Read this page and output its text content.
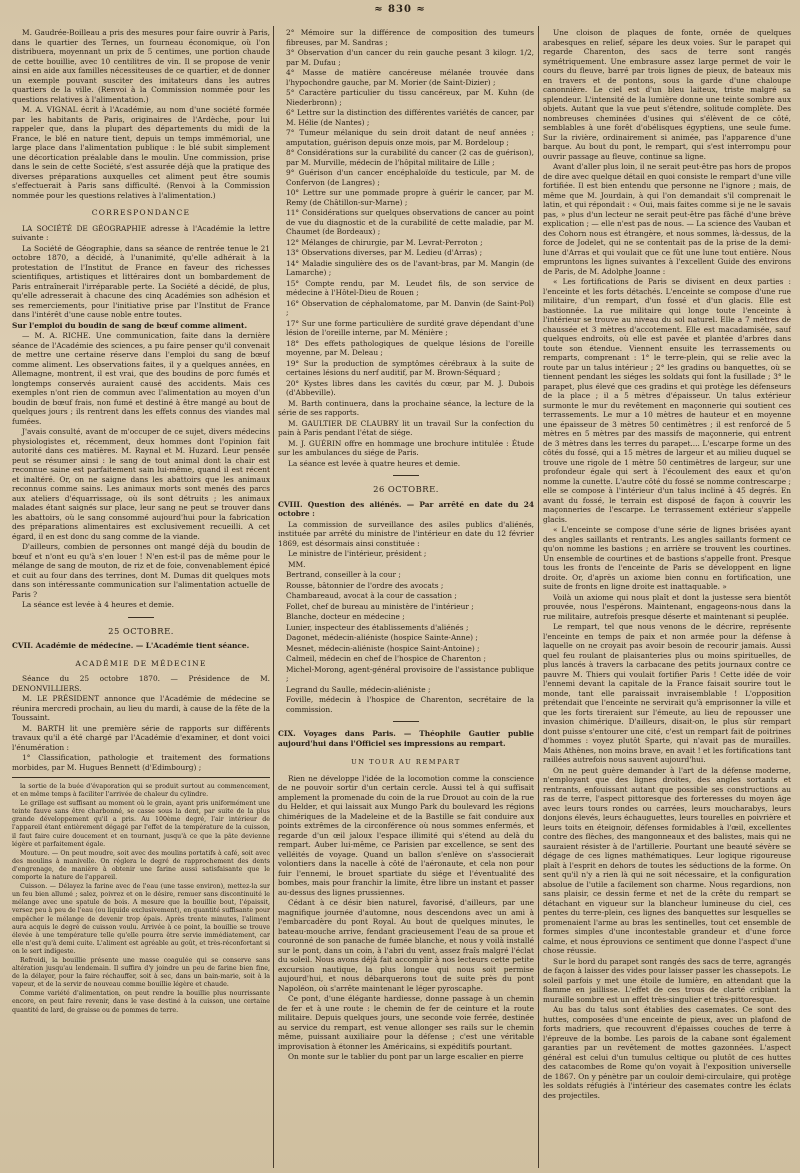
≈ 830 ≈

M. Gaudrée-Boilleau a pris des mesures pour faire ouvrir à Paris, dans le quartier des Ternes, un fourneau économique, où l'on distribuera, moyennant un prix de 5 centimes, une portion chaude de cette bouillie, avec 10 centilitres de vin. Il se propose de venir ainsi en aide aux familles nécessiteuses de ce quartier, et de donner un exemple pouvant susciter des imitateurs dans les autres quartiers de la ville. (Renvoi à la Commission nommée pour les questions relatives à l'alimentation.)

M. A. VIGNAL écrit à l'Académie, au nom d'une société formée par les habitants de Paris, originaires de l'Ardèche, pour lui rappeler que, dans la plupart des départements du midi de la France, le blé en nature tient, depuis un temps immémorial, une large place dans l'alimentation publique : le blé subit simplement une décortication préalable dans le moulin. Une commission, prise dans le sein de cette Société, s'est assurée déjà que la pratique des diverses préparations auxquelles cet aliment peut être soumis s'effectuerait à Paris sans difficulté. (Renvoi à la Commission nommée pour les questions relatives à l'alimentation.)

CORRESPONDANCE

LA SOCIÉTÉ DE GÉOGRAPHIE adresse à l'Académie la lettre suivante :

La Société de Géographie, dans sa séance de rentrée tenue le 21 octobre 1870, a décidé, à l'unanimité, qu'elle adhérait à la protestation de l'Institut de France en faveur des richesses scientifiques, artistiques et littéraires dont un bombardement de Paris entraînerait l'irréparable perte. La Société a décidé, de plus, qu'elle adresserait à chacune des cinq Académies son adhésion et ses remerciements, pour l'initiative prise par l'Institut de France dans l'intérêt d'une cause noble entre toutes.

Sur l'emploi du boudin de sang de bœuf comme aliment.

— M. A. RICHE. Une communication, faite dans la dernière séance de l'Académie des sciences, a pu faire penser qu'il convenait de mettre une certaine réserve dans l'emploi du sang de bœuf comme aliment. Les observations faites, il y a quelques années, en Allemagne, montrent, il est vrai, que des boudins de porc fumés et longtemps conservés auraient causé des accidents. Mais ces exemples n'ont rien de commun avec l'alimentation au moyen d'un boudin de bœuf frais, non fumé et destiné à être mangé au bout de quelques jours ; ils rentrent dans les effets connus des viandes mal fumées.

J'avais consulté, avant de m'occuper de ce sujet, divers médecins physiologistes et, récemment, deux hommes dont l'opinion fait autorité dans ces matières. M. Raynal et M. Huzard. Leur pensée peut se résumer ainsi : le sang de tout animal dont la chair est reconnue saine est parfaitement sain lui-même, quand il est récent et inaltéré. Or, on ne saigne dans les abattoirs que les animaux reconnus comme sains. Les animaux morts sont menés des parcs aux ateliers d'équarrissage, où ils sont détruits ; les animaux malades étant saignés sur place, leur sang ne peut se trouver dans les abattoirs, où le sang consommé aujourd'hui pour la fabrication des préparations alimentaires est exclusivement recueilli. A cet égard, il en est donc du sang comme de la viande.

D'ailleurs, combien de personnes ont mangé déjà du boudin de bœuf et n'ont eu qu'à s'en louer ! N'en est-il pas de même pour le mélange de sang de mouton, de riz et de foie, convenablement épicé et cuit au four dans des terrines, dont M. Dumas dit quelques mots dans son intéressante communication sur l'alimentation actuelle de Paris ?

La séance est levée à 4 heures et demie.

25 OCTOBRE.

CVII. Académie de médecine. — L'Académie tient séance.

ACADÉMIE DE MÉDECINE

Séance du 25 octobre 1870. — Présidence de M. DENONVILLIERS.

M. LE PRÉSIDENT annonce que l'Académie de médecine se réunira mercredi prochain, au lieu du mardi, à cause de la fête de la Toussaint.

M. BARTH lit une première série de rapports sur différents travaux qu'il a été chargé par l'Académie d'examiner, et dont voici l'énumération :

1° Classification, pathologie et traitement des formations morbides, par M. Hugues Bennett (d'Edimbourg) ;

la sortie de la buée d'évaporation qui se produit surtout au commencement, et en même temps à faciliter l'arrivée de chaleur du cylindre.

Le grillage est suffisant au moment où le grain, ayant pris uniformément une teinte fauve sans être charbonné, se casse sous la dent, par suite de la plus grande développement qu'il a pris. Au 100ème degré, l'air intérieur de l'appareil étant entièrement dégagé par l'effet de la température de la cuisson, il faut faire cuire doucement et en tournant, jusqu'à ce que la pâte devienne légère et parfaitement égale.

Mouture. — On peut moudre, soit avec des moulins portatifs à café, soit avec des moulins à manivelle. On réglera le degré de rapprochement des dents d'engrenage, de manière à obtenir une farine aussi satisfaisante que le comporte la nature de l'appareil.

Cuisson. — Délayez la farine avec de l'eau (une tasse environ), mettez-la sur un feu bien allumé ; salez, poivrez et on le désire, remuer sans discontinuité le mélange avec une spatule de bois. A mesure que la bouillie bout, l'épaissit, versez peu à peu de l'eau (ou liquide exclusivement), en quantité suffisante pour empêcher le mélange de devenir trop épais. Après trente minutes, l'aliment aura acquis le degré de cuisson voulu. Arrivée à ce point, la bouillie se trouve élevée à une température telle qu'elle pourra être servie immédiatement, car elle n'est qu'à demi cuite. L'aliment est agréable au goût, et très-réconfortant si on le sert indigeste.

Refroidi, la bouillie présente une masse coagulée qui se conserve sans altération jusqu'au lendemain. Il suffira d'y joindre un peu de farine bien fine, de la délayer, pour la faire réchauffer, soit à sec, dans un bain-marie, soit à la vapeur, et de la servir de nouveau comme bouillie légère et chaude.

Comme variété d'alimentation, on peut rendre la bouillie plus nourrissante encore, en peut faire revenir, dans le vase destiné à la cuisson, une certaine quantité de lard, de graisse ou de pommes de terre.

2° Mémoire sur la différence de composition des tumeurs fibreuses, par M. Sandras ;

3° Observation d'un cancer du rein gauche pesant 3 kilogr. 1/2, par M. Dufau ;

4° Masse de matière cancéreuse mélanée trouvée dans l'hypochondre gauche, par M. Morier (de Saint-Dizier) ;

5° Caractère particulier du tissu cancéreux, par M. Kuhn (de Niederbronn) ;

6° Lettre sur la distinction des différentes variétés de cancer, par M. Hélie (de Nantes) ;

7° Tumeur mélanique du sein droit datant de neuf années ; amputation, guérison depuis onze mois, par M. Bordeloup ;

8° Considérations sur la curabilité du cancer (2 cas de guérison), par M. Murville, médecin de l'hôpital militaire de Lille ;

9° Guérison d'un cancer encéphaloïde du testicule, par M. de Confervon (de Langres) ;

10° Lettre sur une pommade propre à guérir le cancer, par M. Remy (de Châtillon-sur-Marne) ;

11° Considérations sur quelques observations de cancer au point de vue du diagnostic et de la curabilité de cette maladie, par M. Chaumet (de Bordeaux) ;

12° Mélanges de chirurgie, par M. Levrat-Perroton ;

13° Observations diverses, par M. Ledieu (d'Arras) ;

14° Maladie singulière des os de l'avant-bras, par M. Mangin (de Lamarche) ;

15° Compte rendu, par M. Leudet fils, de son service de médecine à l'Hôtel-Dieu de Rouen ;

16° Observation de céphalomatome, par M. Danvin (de Saint-Pol) ;

17° Sur une forme particulière de surdité grave dépendant d'une lésion de l'oreille interne, par M. Ménière ;

18° Des effets pathologiques de quelque lésions de l'oreille moyenne, par M. Deleau ;

19° Sur la production de symptômes cérébraux à la suite de certaines lésions du nerf auditif, par M. Brown-Séquard ;

20° Kystes libres dans les cavités du cœur, par M. J. Dubois (d'Abbeville).

M. Barth continuera, dans la prochaine séance, la lecture de la série de ses rapports.

M. GAULTIER DE CLAUBRY lit un travail Sur la confection du pain à Paris pendant l'état de siége.

M. J. GUÉRIN offre en hommage une brochure intitulée : Étude sur les ambulances du siége de Paris.

La séance est levée à quatre heures et demie.

26 OCTOBRE.

CVIII. Question des aliénés. — Par arrêté en date du 24 octobre :

La commission de surveillance des asiles publics d'aliénés, instituée par arrêté du ministre de l'intérieur en date du 12 février 1869, est désormais ainsi constituée :

Le ministre de l'intérieur, président ;

MM.

Bertrand, conseiller à la cour ;

Rousse, bâtonnier de l'ordre des avocats ;

Chambareaud, avocat à la cour de cassation ;

Follet, chef de bureau au ministère de l'intérieur ;

Blanche, docteur en médecine ;

Lunier, inspecteur des établissements d'aliénés ;

Dagonet, médecin-aliéniste (hospice Sainte-Anne) ;

Mesnet, médecin-aliéniste (hospice Saint-Antoine) ;

Calmeil, médecin en chef de l'hospice de Charenton ;

Michel-Morong, agent-général provisoire de l'assistance publique ;

Legrand du Saulle, médecin-aliéniste ;

Foville, médecin à l'hospice de Charenton, secrétaire de la commission.

CIX. Voyages dans Paris. — Théophile Gautier publie aujourd'hui dans l'Officiel ses impressions au rempart.

UN TOUR AU REMPART

Rien ne développe l'idée de la locomotion comme la conscience de ne pouvoir sortir d'un certain cercle. Aussi tel à qui suffisait amplement la promenade du coin de la rue Drouot au coin de la rue du Helder, et qui laissait aux Mungo Park du boulevard les régions chimériques de la Madeleine et de la Bastille se fait conduire aux points extrêmes de la circonférence où nous sommes enfermés, et regarde d'un œil jaloux l'espace illimité qui s'étend au delà du rempart. Auber lui-même, ce Parisien par excellence, se sent des velléités de voyage. Quand un ballon s'enlève on s'associerait volontiers dans la nacelle à côté de l'aéronaute, et cela non pour fuir l'ennemi, le brouet spartiate du siége et l'éventualité des bombes, mais pour franchir la limite, être libre un instant et passer au-dessus des lignes prussiennes.

Cédant à ce désir bien naturel, favorisé, d'ailleurs, par une magnifique journée d'automne, nous descendons avec un ami à l'embarcadère du pont Royal. Au bout de quelques minutes, le bateau-mouche arrive, fendant gracieusement l'eau de sa proue et couronné de son panache de fumée blanche, et nous y voilà installé sur le pont, dans un coin, à l'abri du vent, assez fraîs malgré l'éclat du soleil. Nous avons déjà fait accomplir à nos lecteurs cette petite excursion nautique, la plus longue qui nous soit permise aujourd'hui, et nous débarquerons tout de suite près du pont Napoléon, où s'arrête maintenant le léger pyroscaphe.

Ce pont, d'une élégante hardiesse, donne passage à un chemin de fer et à une route : le chemin de fer de ceinture et la route militaire. Depuis quelques jours, une seconde voie ferrée, destinée au service du rempart, est venue allonger ses rails sur le chemin même, puissant auxiliaire pour la défense ; c'est une véritable improvisation à étonner les Américains, si expéditifs pourtant.

On monte sur le tablier du pont par un large escalier en pierre

Une cloison de plaques de fonte, ornée de quelques arabesques en relief, sépare les deux voies. Sur le parapet qui regarde Charenton, des sacs de terre sont rangés symétriquement. Une embrasure assez large permet de voir le cours du fleuve, barré par trois lignes de pieux, de bateaux mis en travers et de pontons, sous la garde d'une chaloupe canonnière. Le ciel est d'un bleu laiteux, triste malgré sa splendeur. L'intensité de la lumière donne une teinte sombre aux objets. Autant que la vue peut s'étendre, solitude complète. Des nombreuses cheminées d'usines qui s'élèvent de ce côté, semblables à une forêt d'obélisques égyptiens, une seule fume. Sur la rivière, ordinairement si animée, pas l'apparence d'une barque. Au bout du pont, le rempart, qui s'est interrompu pour ouvrir passage au fleuve, continue sa ligne.

Avant d'aller plus loin, il ne serait peut-être pas hors de propos de dire avec quelque détail en quoi consiste le rempart d'une ville fortifiée. Il est bien entendu que personne ne l'ignore ; mais, de même que M. Jourdain, à qui l'on demandait s'il comprenait le latin, et qui répondait : « Oui, mais faites comme si je ne le savais pas, » plus d'un lecteur ne serait peut-être pas fâché d'une brève explication ; — elle n'est pas de nous. — La science des Vauban et des Cohorn nous est étrangère, et nous sommes, là-dessus, de la force de Jodelet, qui ne se contentait pas de la prise de la demi-lune d'Arras et qui voulait que ce fût une lune tout entière. Nous empruntons les lignes suivantes à l'excellent Guide des environs de Paris, de M. Adolphe Joanne :

« Les fortifications de Paris se divisent en deux parties : l'enceinte et les forts détachés. L'enceinte se compose d'une rue militaire, d'un rempart, d'un fossé et d'un glacis. Elle est bastionnée. La rue militaire qui longe toute l'enceinte à l'intérieur se trouve au niveau du sol naturel. Elle a 7 mètres de chaussée et 3 mètres d'accotement. Elle est macadamisée, sauf quelques endroits, où elle est pavée et plantée d'arbres dans toute son étendue. Viennent ensuite les terrassements ou remparts, comprenant : 1° le terre-plein, qui se relie avec la route par un talus intérieur ; 2° les gradins ou banquettes, où se tiennent pendant les siéges les soldats qui font la fusillade ; 3° le parapet, plus élevé que ces gradins et qui protège les défenseurs de la place ; il a 5 mètres d'épaisseur. Un talus extérieur surmonte le mur du revêtement en maçonnerie qui soutient ces terrassements. Le mur a 10 mètres de hauteur et en moyenne une épaisseur de 3 mètres 50 centimètres ; il est renforcé de 5 mètres en 5 mètres par des massifs de maçonnerie, qui entrent de 3 mètres dans les terres du parapet.... L'escarpe forme un des côtés du fossé, qui a 15 mètres de largeur et au milieu duquel se trouve une rigole de 1 mètre 50 centimètres de largeur, sur une profondeur égale qui sert à l'écoulement des eaux et qu'on nomme la cunette. L'autre côté du fossé se nomme contrescarpe ; elle se compose à l'intérieur d'un talus incliné à 45 degrés. En avant du fossé, le terrain est disposé de façon à couvrir les maçonneries de l'escarpe. Le terrassement extérieur s'appelle glacis.

« L'enceinte se compose d'une série de lignes brisées ayant des angles saillants et rentrants. Les angles saillants forment ce qu'on nomme les bastions ; en arrière se trouvent les courtines. Un ensemble de courtines et de bastions s'appelle front. Presque tous les fronts de l'enceinte de Paris se développent en ligne droite. Or, d'après un axiome bien connu en fortification, une suite de fronts en ligne droite est inattaquable. »

Voilà un axiome qui nous plaît et dont la justesse sera bientôt prouvée, nous l'espérons. Maintenant, engageons-nous dans la rue militaire, autrefois presque déserte et maintenant si peuplée.

Le rempart, tel que nous venons de le décrire, représente l'enceinte en temps de paix et non armée pour la défense à laquelle on ne croyait pas avoir besoin de recourir jamais. Aussi quel feu roulant de plaisanteries plus ou moins spirituelles, de plus lancés à travers la carbacane des petits journaux contre ce pauvre M. Thiers qui voulait fortifier Paris ! Cette idée de voir l'ennemi devant la capitale de la France faisait sourire tout le monde, tant elle paraissait invraisemblable ! L'opposition prétendait que l'enceinte ne servirait qu'à emprisonner la ville et que les forts tireraient sur l'émeute, au lieu de repousser une invasion chimérique. D'ailleurs, disait-on, le plus sûr rempart dont puisse s'entourer une cité, c'est un rempart fait de poitrines d'hommes : voyez plutôt Sparte, qui n'avait pas de murailles. Mais Athènes, non moins brave, en avait ! et les fortifications tant raillées autrefois nous sauvent aujourd'hui.

On ne peut guère demander à l'art de la défense moderne, n'employant que des lignes droites, des angles sortants et rentrants, enfouissant autant que possible ses constructions au ras de terre, l'aspect pittoresque des forteresses du moyen âge avec leurs tours rondes ou carrées, leurs moucharabys, leurs donjons élevés, leurs échauguettes, leurs tourelles en poivrière et leurs toits en éteignoir, défenses formidables à l'œil, excellentes contre des flèches, des mangonneaux et des balistes, mais qui ne sauraient résister à de l'artillerie. Pourtant une beauté sévère se dégage de ces lignes mathématiques. Leur logique rigoureuse plaît à l'esprit en dehors de toutes les séductions de la forme. On sent qu'il n'y a rien là qui ne soit nécessaire, et la configuration absolue de l'utile a facilement son charme. Nous regardions, non sans plaisir, ce dessin ferme et net de la crête du rempart se détachant en vigueur sur la blancheur lumineuse du ciel, ces pentes du terre-plein, ces lignes des banquettes sur lesquelles se promenaient l'arme au bras les sentinelles, tout cet ensemble de formes simples d'une incontestable grandeur et d'une force calme, et nous éprouvions ce sentiment que donne l'aspect d'une chose réussie.

Sur le bord du parapet sont rangés des sacs de terre, agrangés de façon à laisser des vides pour laisser passer les chassepots. Le soleil parfois y met une étoile de lumière, en attendant que la flamme en jaillisse. L'effet de ces trous de clarté criblant la muraille sombre est un effet très-singulier et très-pittoresque.

Au bas du talus sont établies des casemates. Ce sont des huttes, composées d'une enceinte de pieux, avec un plafond de forts madriers, que recouvrent d'épaisses couches de terre à l'épreuve de la bombe. Les parois de la cabane sont également garanties par un revêtement de mottes gazonnées. L'aspect général est celui d'un tumulus celtique ou plutôt de ces huttes des catacombes de Rome qu'on voyait à l'exposition universelle de 1867. On y pénètre par un couloir demi-circulaire, qui protège les soldats réfugiés à l'intérieur des casemates contre les éclats des projectiles.
